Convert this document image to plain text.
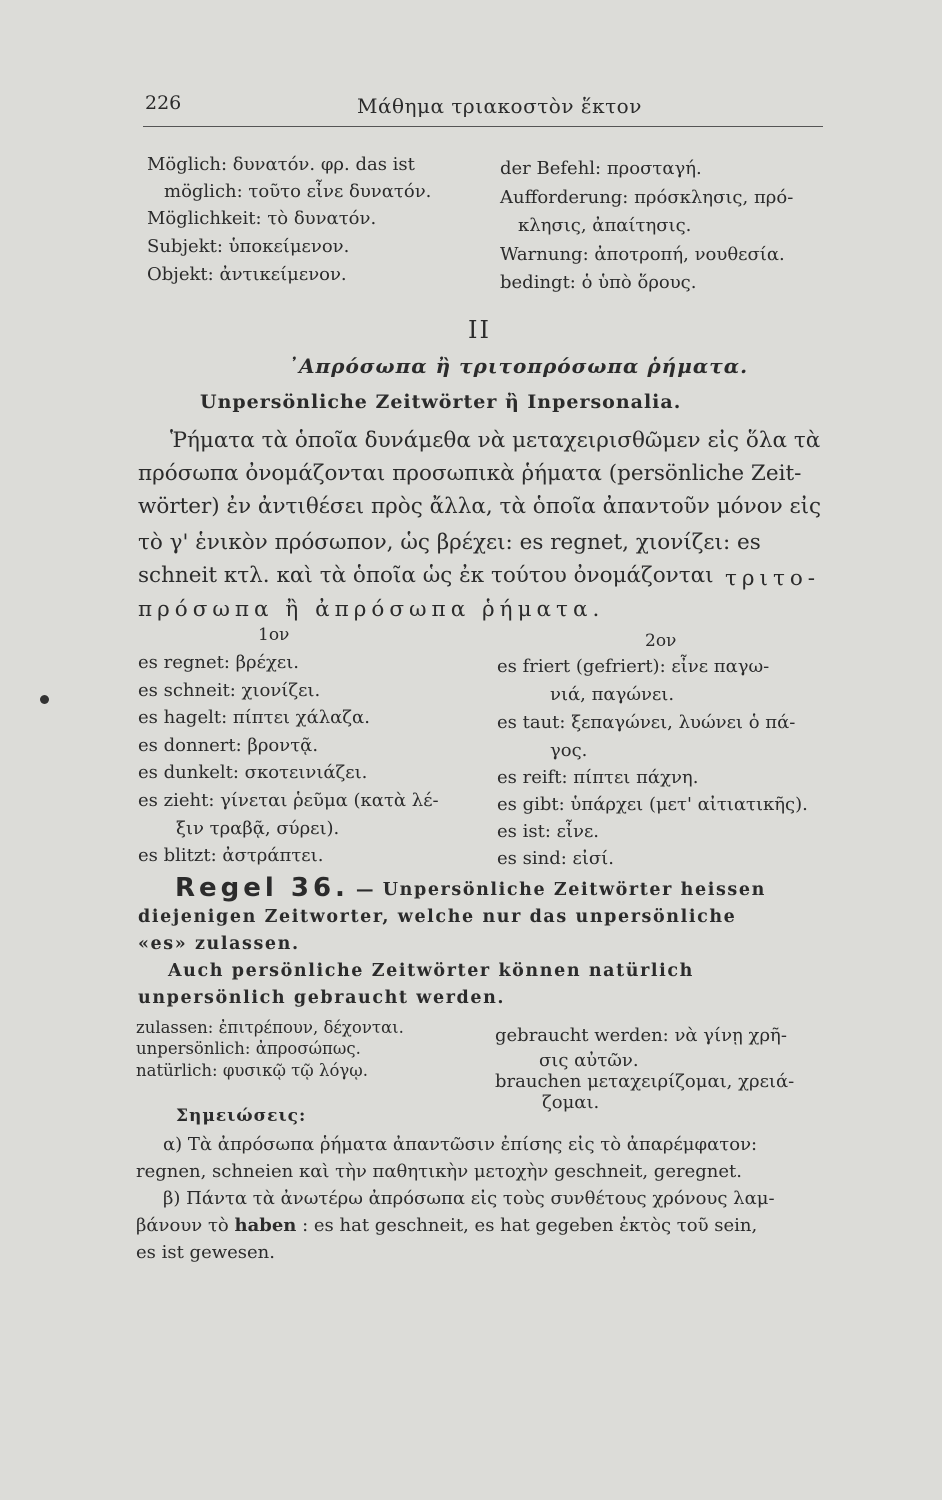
226	Μάθημα τριακοστὸν ἕκτον
Möglich: δυνατόν. φρ. das ist
möglich: τοῦτο εἶνε δυνατόν.
Möglichkeit: τὸ δυνατόν.
Subjekt: ὑποκείμενον.
Objekt: ἀντικείμενον.
der Befehl: προσταγή.
Aufforderung: πρόσκλησις, πρό-
κλησις, ἀπαίτησις.
Warnung: ἀποτροπή, νουθεσία.
bedingt: ὁ ὑπὸ ὅρους.
II
᾿Απρόσωπα ἢ τριτοπρόσωπα ῥήματα.
Unpersönliche Zeitwörter ἢ Inpersonalia.
Ῥήματα τὰ ὁποῖα δυνάμεθα νὰ μεταχειρισθῶμεν εἰς ὅλα τὰ
πρόσωπα ὀνομάζονται προσωπικὰ ῥήματα (persönliche Zeit-
wörter) ἐν ἀντιθέσει πρὸς ἄλλα, τὰ ὁποῖα ἀπαντοῦν μόνον εἰς
τὸ γ' ἑνικὸν πρόσωπον, ὡς βρέχει: es regnet, χιονίζει: es
schneit κτλ. καὶ τὰ ὁποῖα ὡς ἐκ τούτου ὀνομάζονται τριτο-
πρόσωπα ἢ ἀπρόσωπα ῥήματα.
1ον	2ον
es regnet: βρέχει.
es schneit: χιονίζει.
es hagelt: πίπτει χάλαζα.
es donnert: βροντᾷ.
es dunkelt: σκοτεινιάζει.
es zieht: γίνεται ῥεῦμα (κατὰ λέ-
ξιν τραβᾷ, σύρει).
es blitzt: ἀστράπτει.
es friert (gefriert): εἶνε παγω-
νιά, παγώνει.
es taut: ξεπαγώνει, λυώνει ὁ πά-
γος.
es reift: πίπτει πάχνη.
es gibt: ὑπάρχει (μετ' αἰτιατικῆς).
es ist: εἶνε.
es sind: εἰσί.
Regel 36. — Unpersönliche Zeitwörter heissen
diejenigen Zeitworter, welche nur das unpersönliche
«es» zulassen.
Auch persönliche Zeitwörter können natürlich
unpersönlich gebraucht werden.
zulassen: ἐπιτρέπουν, δέχονται.
unpersönlich: ἀπροσώπως.
natürlich: φυσικῷ τῷ λόγῳ.
gebraucht werden: νὰ γίνῃ χρῆ-
σις αὐτῶν.
brauchen μεταχειρίζομαι, χρειά-
ζομαι.
Σημειώσεις:
α) Τὰ ἀπρόσωπα ῥήματα ἀπαντῶσιν ἐπίσης εἰς τὸ ἀπαρέμφατον:
regnen, schneien καὶ τὴν παθητικὴν μετοχὴν geschneit, geregnet.
β) Πάντα τὰ ἀνωτέρω ἀπρόσωπα εἰς τοὺς συνθέτους χρόνους λαμ-
βάνουν τὸ haben : es hat geschneit, es hat gegeben ἐκτὸς τοῦ sein,
es ist gewesen.
